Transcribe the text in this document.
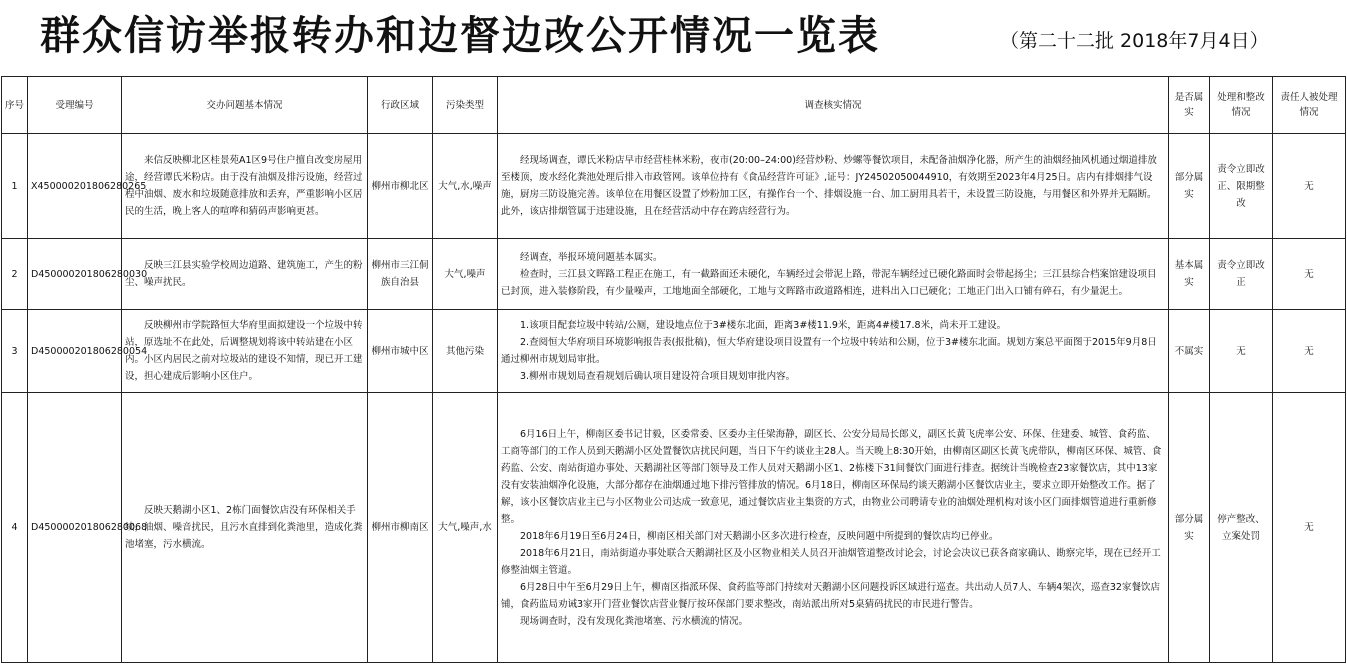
群众信访举报转办和边督边改公开情况一览表	（第二十二批 2018年7月4日）
序号	受理编号	交办问题基本情况	行政区域	污染类型	调查核实情况	是否属实	处理和整改情况	责任人被处理情况
1	X450000201806280265	来信反映柳北区桂景苑A1区9号住户擅自改变房屋用途，经营谭氏米粉店。由于没有油烟及排污设施，经营过程中油烟、废水和垃圾随意排放和丢弃，严重影响小区居民的生活，晚上客人的喧哗和猜码声影响更甚。	柳州市柳北区	大气,水,噪声	经现场调查，谭氏米粉店早市经营桂林米粉，夜市(20:00–24:00)经营炒粉、炒螺等餐饮项目，未配备油烟净化器，所产生的油烟经抽风机通过烟道排放至楼顶，废水经化粪池处理后排入市政管网。该单位持有《食品经营许可证》,证号：JY24502050044910，有效期至2023年4月25日。店内有排烟排气设施，厨房三防设施完善。该单位在用餐区设置了炒粉加工区，有操作台一个、排烟设施一台、加工厨用具若干，未设置三防设施，与用餐区和外界并无隔断。此外，该店排烟管属于违建设施，且在经营活动中存在跨店经营行为。	部分属实	责令立即改正、限期整改	无
2	D450000201806280030	反映三江县实验学校周边道路、建筑施工，产生的粉尘、噪声扰民。	柳州市三江侗族自治县	大气,噪声	经调查，举报环境问题基本属实。
检查时，三江县文晖路工程正在施工，有一截路面还未硬化，车辆经过会带泥上路，带泥车辆经过已硬化路面时会带起扬尘；三江县综合档案馆建设项目已封顶，进入装修阶段，有少量噪声，工地地面全部硬化，工地与文晖路市政道路相连，进料出入口已硬化；工地正门出入口铺有碎石，有少量泥土。	基本属实	责令立即改正	无
3	D450000201806280054	反映柳州市学院路恒大华府里面拟建设一个垃圾中转站，原选址不在此处，后调整规划将该中转站建在小区内。小区内居民之前对垃圾站的建设不知情，现已开工建设，担心建成后影响小区住户。	柳州市城中区	其他污染	1.该项目配套垃圾中转站/公厕，建设地点位于3#楼东北面，距离3#楼11.9米，距离4#楼17.8米，尚未开工建设。
2.查阅恒大华府项目环境影响报告表(报批稿)，恒大华府建设项目设置有一个垃圾中转站和公厕，位于3#楼东北面。规划方案总平面图于2015年9月8日通过柳州市规划局审批。
3.柳州市规划局查看规划后确认项目建设符合项目规划审批内容。	不属实	无	无
4	D450000201806280068	反映天鹅湖小区1、2栋门面餐饮店没有环保相关手续，油烟、噪音扰民，且污水直排到化粪池里，造成化粪池堵塞，污水横流。	柳州市柳南区	大气,噪声,水	6月16日上午，柳南区委书记甘毅，区委常委、区委办主任梁海静，副区长、公安分局局长郎义，副区长黄飞虎率公安、环保、住建委、城管、食药监、工商等部门的工作人员到天鹅湖小区处置餐饮店扰民问题，当日下午约谈业主28人。当天晚上8:30开始，由柳南区副区长黄飞虎带队，柳南区环保、城管、食药监、公安、南站街道办事处、天鹅湖社区等部门领导及工作人员对天鹅湖小区1、2栋楼下31间餐饮门面进行排查。据统计当晚检查23家餐饮店，其中13家没有安装油烟净化设施，大部分都存在油烟通过地下排污管排放的情况。6月18日，柳南区环保局约谈天鹅湖小区餐饮店业主，要求立即开始整改工作。据了解，该小区餐饮店业主已与小区物业公司达成一致意见，通过餐饮店业主集资的方式，由物业公司聘请专业的油烟处理机构对该小区门面排烟管道进行重新修整。
2018年6月19日至6月24日，柳南区相关部门对天鹅湖小区多次进行检查，反映问题中所提到的餐饮店均已停业。
2018年6月21日，南站街道办事处联合天鹅湖社区及小区物业相关人员召开油烟管道整改讨论会，讨论会决议已获各商家确认、勘察完毕，现在已经开工修整油烟主管道。
6月28日中午至6月29日上午，柳南区指派环保、食药监等部门持续对天鹅湖小区问题投诉区域进行巡查。共出动人员7人、车辆4架次，巡查32家餐饮店铺，食药监局劝诫3家开门营业餐饮店营业餐厅按环保部门要求整改，南站派出所对5桌猜码扰民的市民进行警告。
现场调查时，没有发现化粪池堵塞、污水横流的情况。	部分属实	停产整改、立案处罚	无
